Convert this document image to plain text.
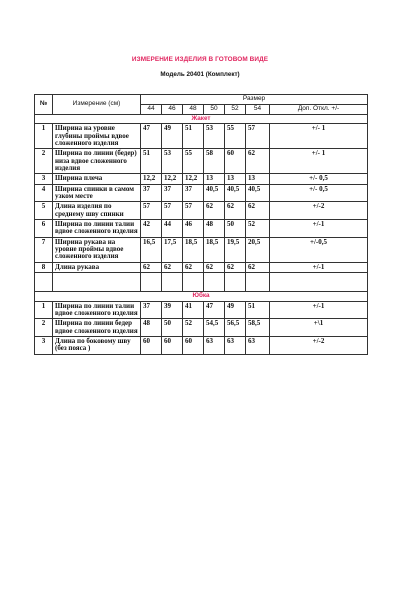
ИЗМЕРЕНИЕ ИЗДЕЛИЯ В ГОТОВОМ ВИДЕ
Модель 20401 (Комплект)
№	Измерение (см)	Размер						
		44	46	48	50	52	54	Доп. Откл. +/-
Жакет								
1	Ширина на уровне глубины проймы вдвое сложенного изделия	47	49	51	53	55	57	+/- 1
2	Ширина по линии (бедер) низа вдвое сложенного изделия	51	53	55	58	60	62	+/- 1
3	Ширина плеча	12,2	12,2	12,2	13	13	13	+/- 0,5
4	Ширина спинки в самом узком месте	37	37	37	40,5	40,5	40,5	+/- 0,5
5	Длина изделия по среднему шву спинки	57	57	57	62	62	62	+/-2
6	Ширина по линии талии вдвое сложенного изделия	42	44	46	48	50	52	+/-1
7	Ширина рукава на уровне проймы вдвое сложенного изделия	16,5	17,5	18,5	18,5	19,5	20,5	+/-0,5
8	Длина рукава	62	62	62	62	62	62	+/-1

Юбка								
1	Ширина по линии талии вдвое сложенного изделия	37	39	41	47	49	51	+/-1
2	Ширина по линии бедер вдвое сложенного изделия	48	50	52	54,5	56,5	58,5	+\1
3	Длина по боковому шву (без пояса )	60	60	60	63	63	63	+/-2
